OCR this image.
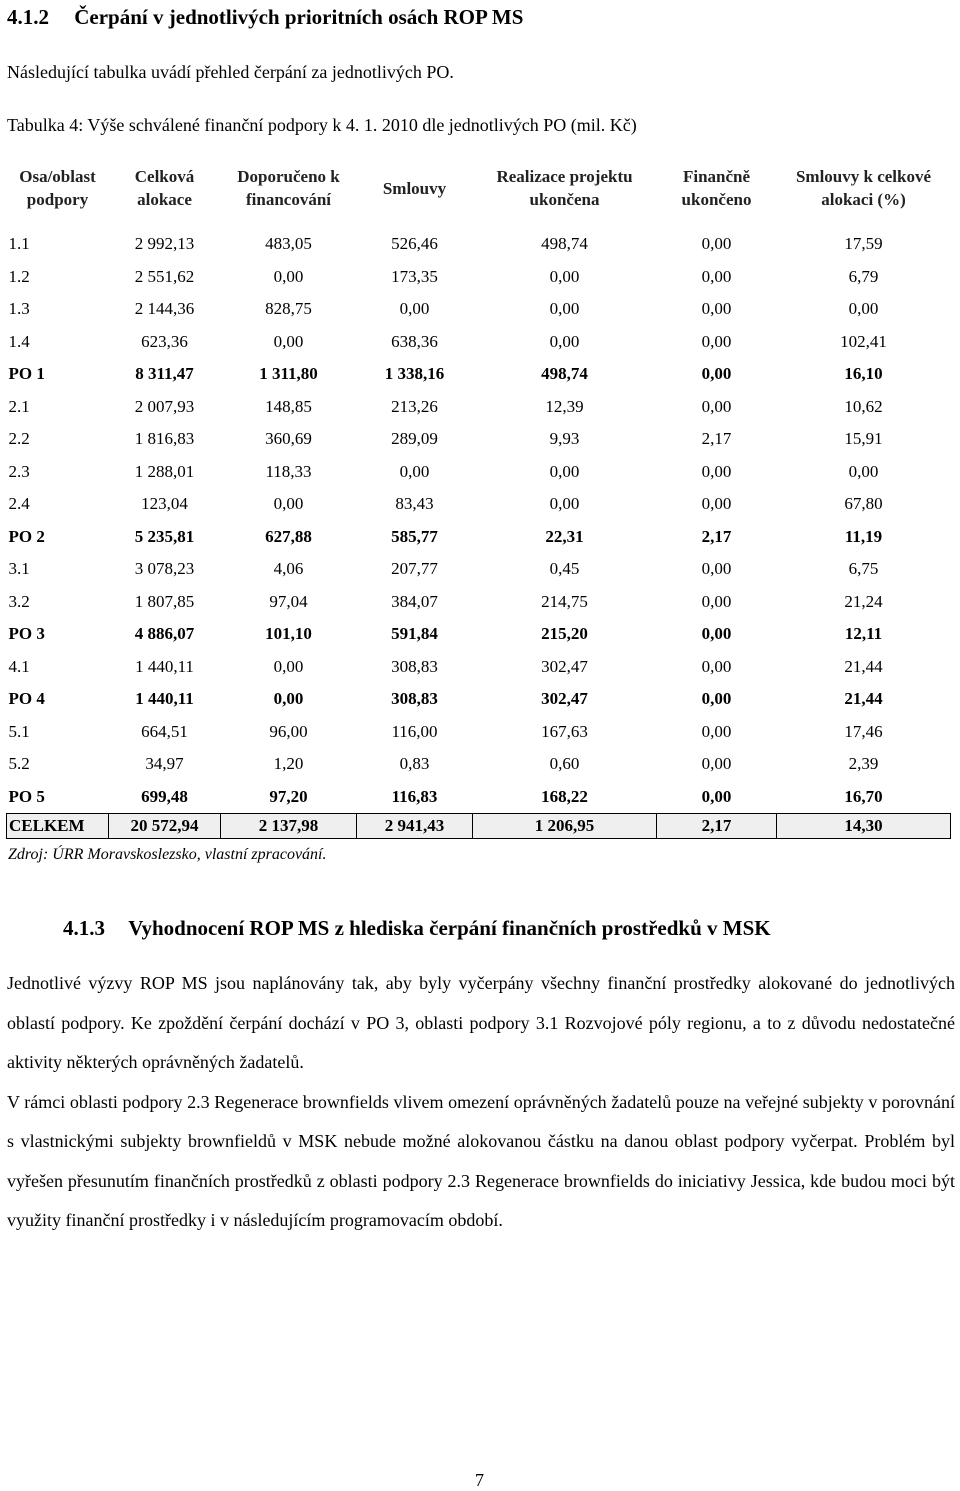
4.1.2 Čerpání v jednotlivých prioritních osách ROP MS
Následující tabulka uvádí přehled čerpání za jednotlivých PO.
Tabulka 4: Výše schválené finanční podpory k 4. 1. 2010 dle jednotlivých PO (mil. Kč)
Osa/oblast podpory	Celková alokace	Doporučeno k financování	Smlouvy	Realizace projektu ukončena	Finančně ukončeno	Smlouvy k celkové alokaci (%)
1.1	2 992,13	483,05	526,46	498,74	0,00	17,59
1.2	2 551,62	0,00	173,35	0,00	0,00	6,79
1.3	2 144,36	828,75	0,00	0,00	0,00	0,00
1.4	623,36	0,00	638,36	0,00	0,00	102,41
PO 1	8 311,47	1 311,80	1 338,16	498,74	0,00	16,10
2.1	2 007,93	148,85	213,26	12,39	0,00	10,62
2.2	1 816,83	360,69	289,09	9,93	2,17	15,91
2.3	1 288,01	118,33	0,00	0,00	0,00	0,00
2.4	123,04	0,00	83,43	0,00	0,00	67,80
PO 2	5 235,81	627,88	585,77	22,31	2,17	11,19
3.1	3 078,23	4,06	207,77	0,45	0,00	6,75
3.2	1 807,85	97,04	384,07	214,75	0,00	21,24
PO 3	4 886,07	101,10	591,84	215,20	0,00	12,11
4.1	1 440,11	0,00	308,83	302,47	0,00	21,44
PO 4	1 440,11	0,00	308,83	302,47	0,00	21,44
5.1	664,51	96,00	116,00	167,63	0,00	17,46
5.2	34,97	1,20	0,83	0,60	0,00	2,39
PO 5	699,48	97,20	116,83	168,22	0,00	16,70
CELKEM	20 572,94	2 137,98	2 941,43	1 206,95	2,17	14,30
Zdroj: ÚRR Moravskoslezsko, vlastní zpracování.
4.1.3 Vyhodnocení ROP MS z hlediska čerpání finančních prostředků v MSK

Jednotlivé výzvy ROP MS jsou naplánovány tak, aby byly vyčerpány všechny finanční prostředky alokované do jednotlivých oblastí podpory. Ke zpoždění čerpání dochází v PO 3, oblasti podpory 3.1 Rozvojové póly regionu, a to z důvodu nedostatečné aktivity některých oprávněných žadatelů.

V rámci oblasti podpory 2.3 Regenerace brownfields vlivem omezení oprávněných žadatelů pouze na veřejné subjekty v porovnání s vlastnickými subjekty brownfieldů v MSK nebude možné alokovanou částku na danou oblast podpory vyčerpat. Problém byl vyřešen přesunutím finančních prostředků z oblasti podpory 2.3 Regenerace brownfields do iniciativy Jessica, kde budou moci být využity finanční prostředky i v následujícím programovacím období.

7
